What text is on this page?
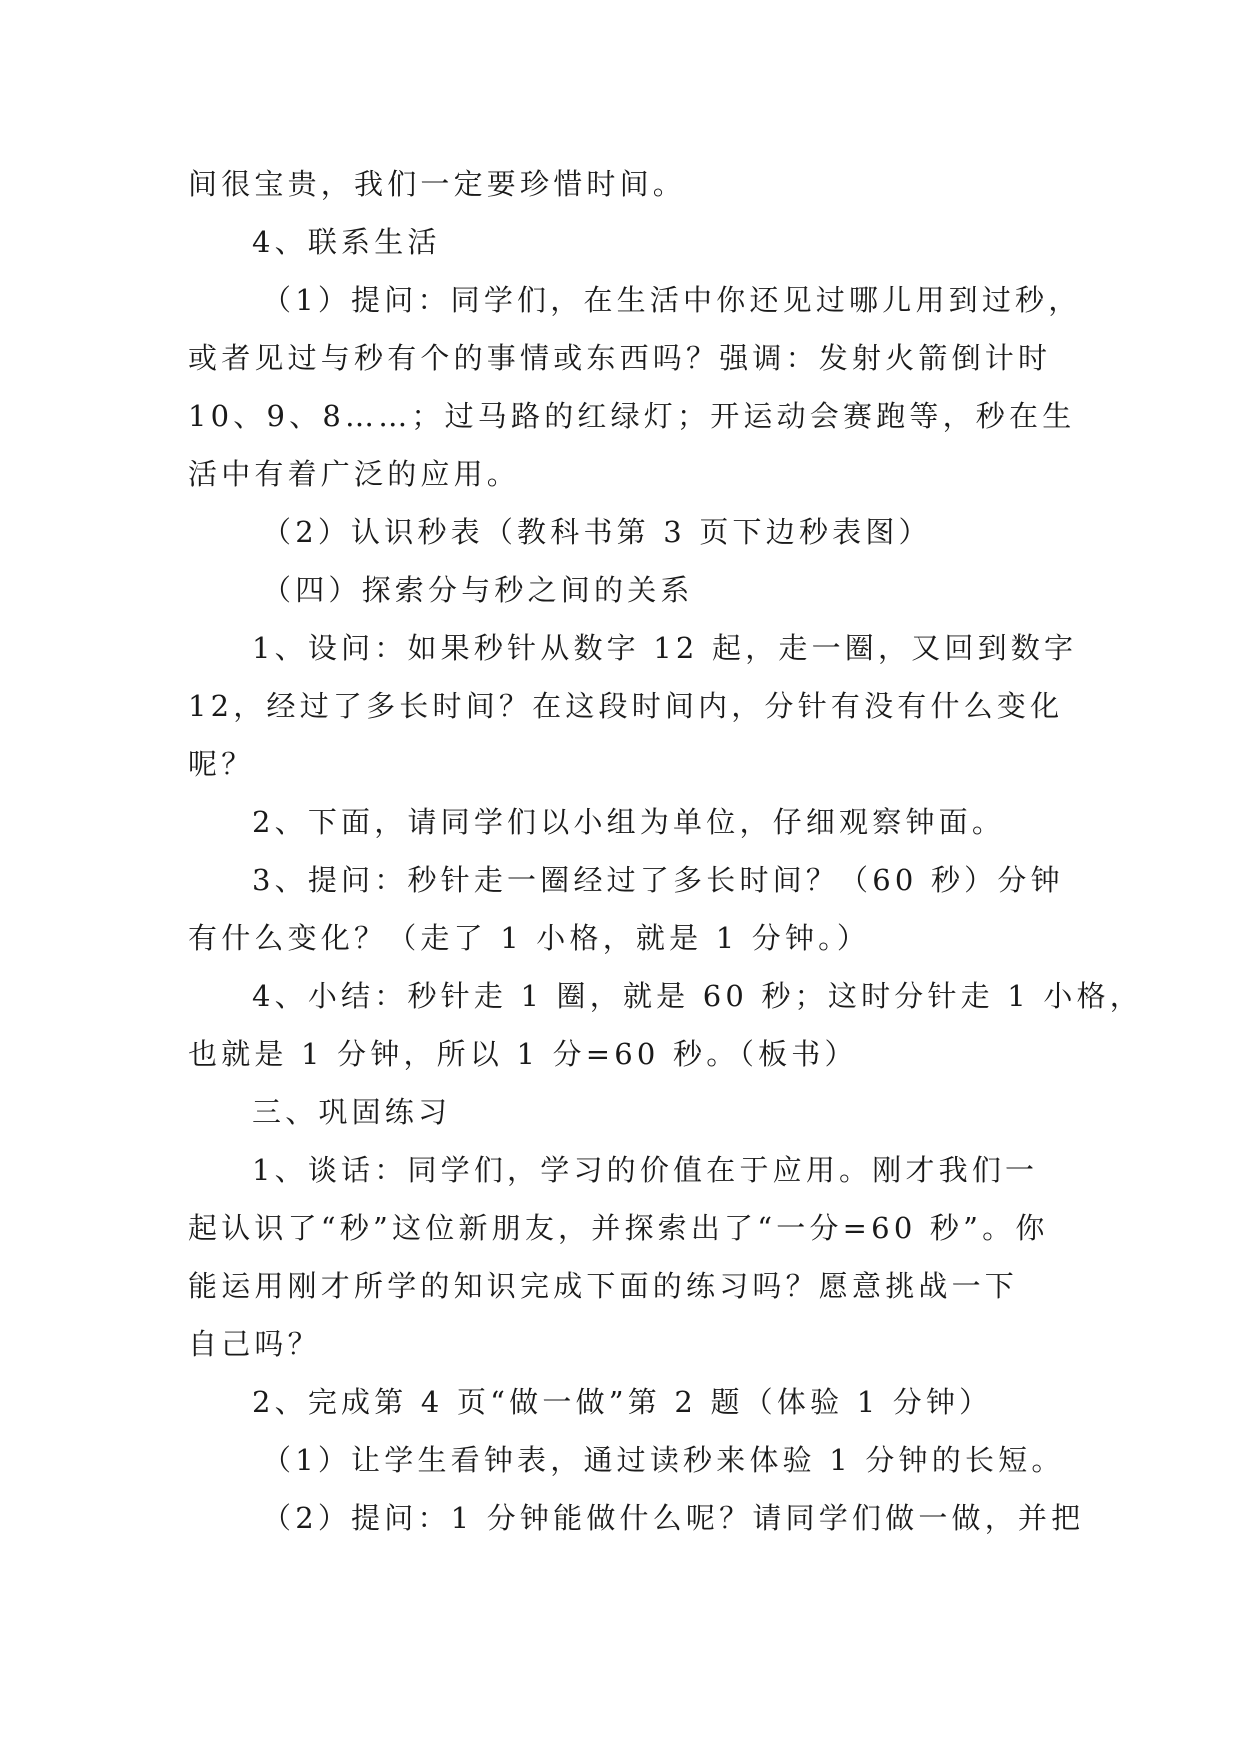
间很宝贵，我们一定要珍惜时间。

4、联系生活

（1）提问：同学们，在生活中你还见过哪儿用到过秒，

或者见过与秒有个的事情或东西吗？强调：发射火箭倒计时

10、9、8……；过马路的红绿灯；开运动会赛跑等，秒在生

活中有着广泛的应用。

（2）认识秒表（教科书第 3 页下边秒表图）

（四）探索分与秒之间的关系

1、设问：如果秒针从数字 12 起，走一圈，又回到数字

12，经过了多长时间？在这段时间内，分针有没有什么变化

呢？

2、下面，请同学们以小组为单位，仔细观察钟面。

3、提问：秒针走一圈经过了多长时间？（60 秒）分钟

有什么变化？（走了 1 小格，就是 1 分钟。）

4、小结：秒针走 1 圈，就是 60 秒；这时分针走 1 小格，

也就是 1 分钟，所以 1 分=60 秒。（板书）

三、巩固练习

1、谈话：同学们，学习的价值在于应用。刚才我们一

起认识了“秒”这位新朋友，并探索出了“一分=60 秒”。你

能运用刚才所学的知识完成下面的练习吗？愿意挑战一下

自己吗？

2、完成第 4 页“做一做”第 2 题（体验 1 分钟）

（1）让学生看钟表，通过读秒来体验 1 分钟的长短。

（2）提问：1 分钟能做什么呢？请同学们做一做，并把
